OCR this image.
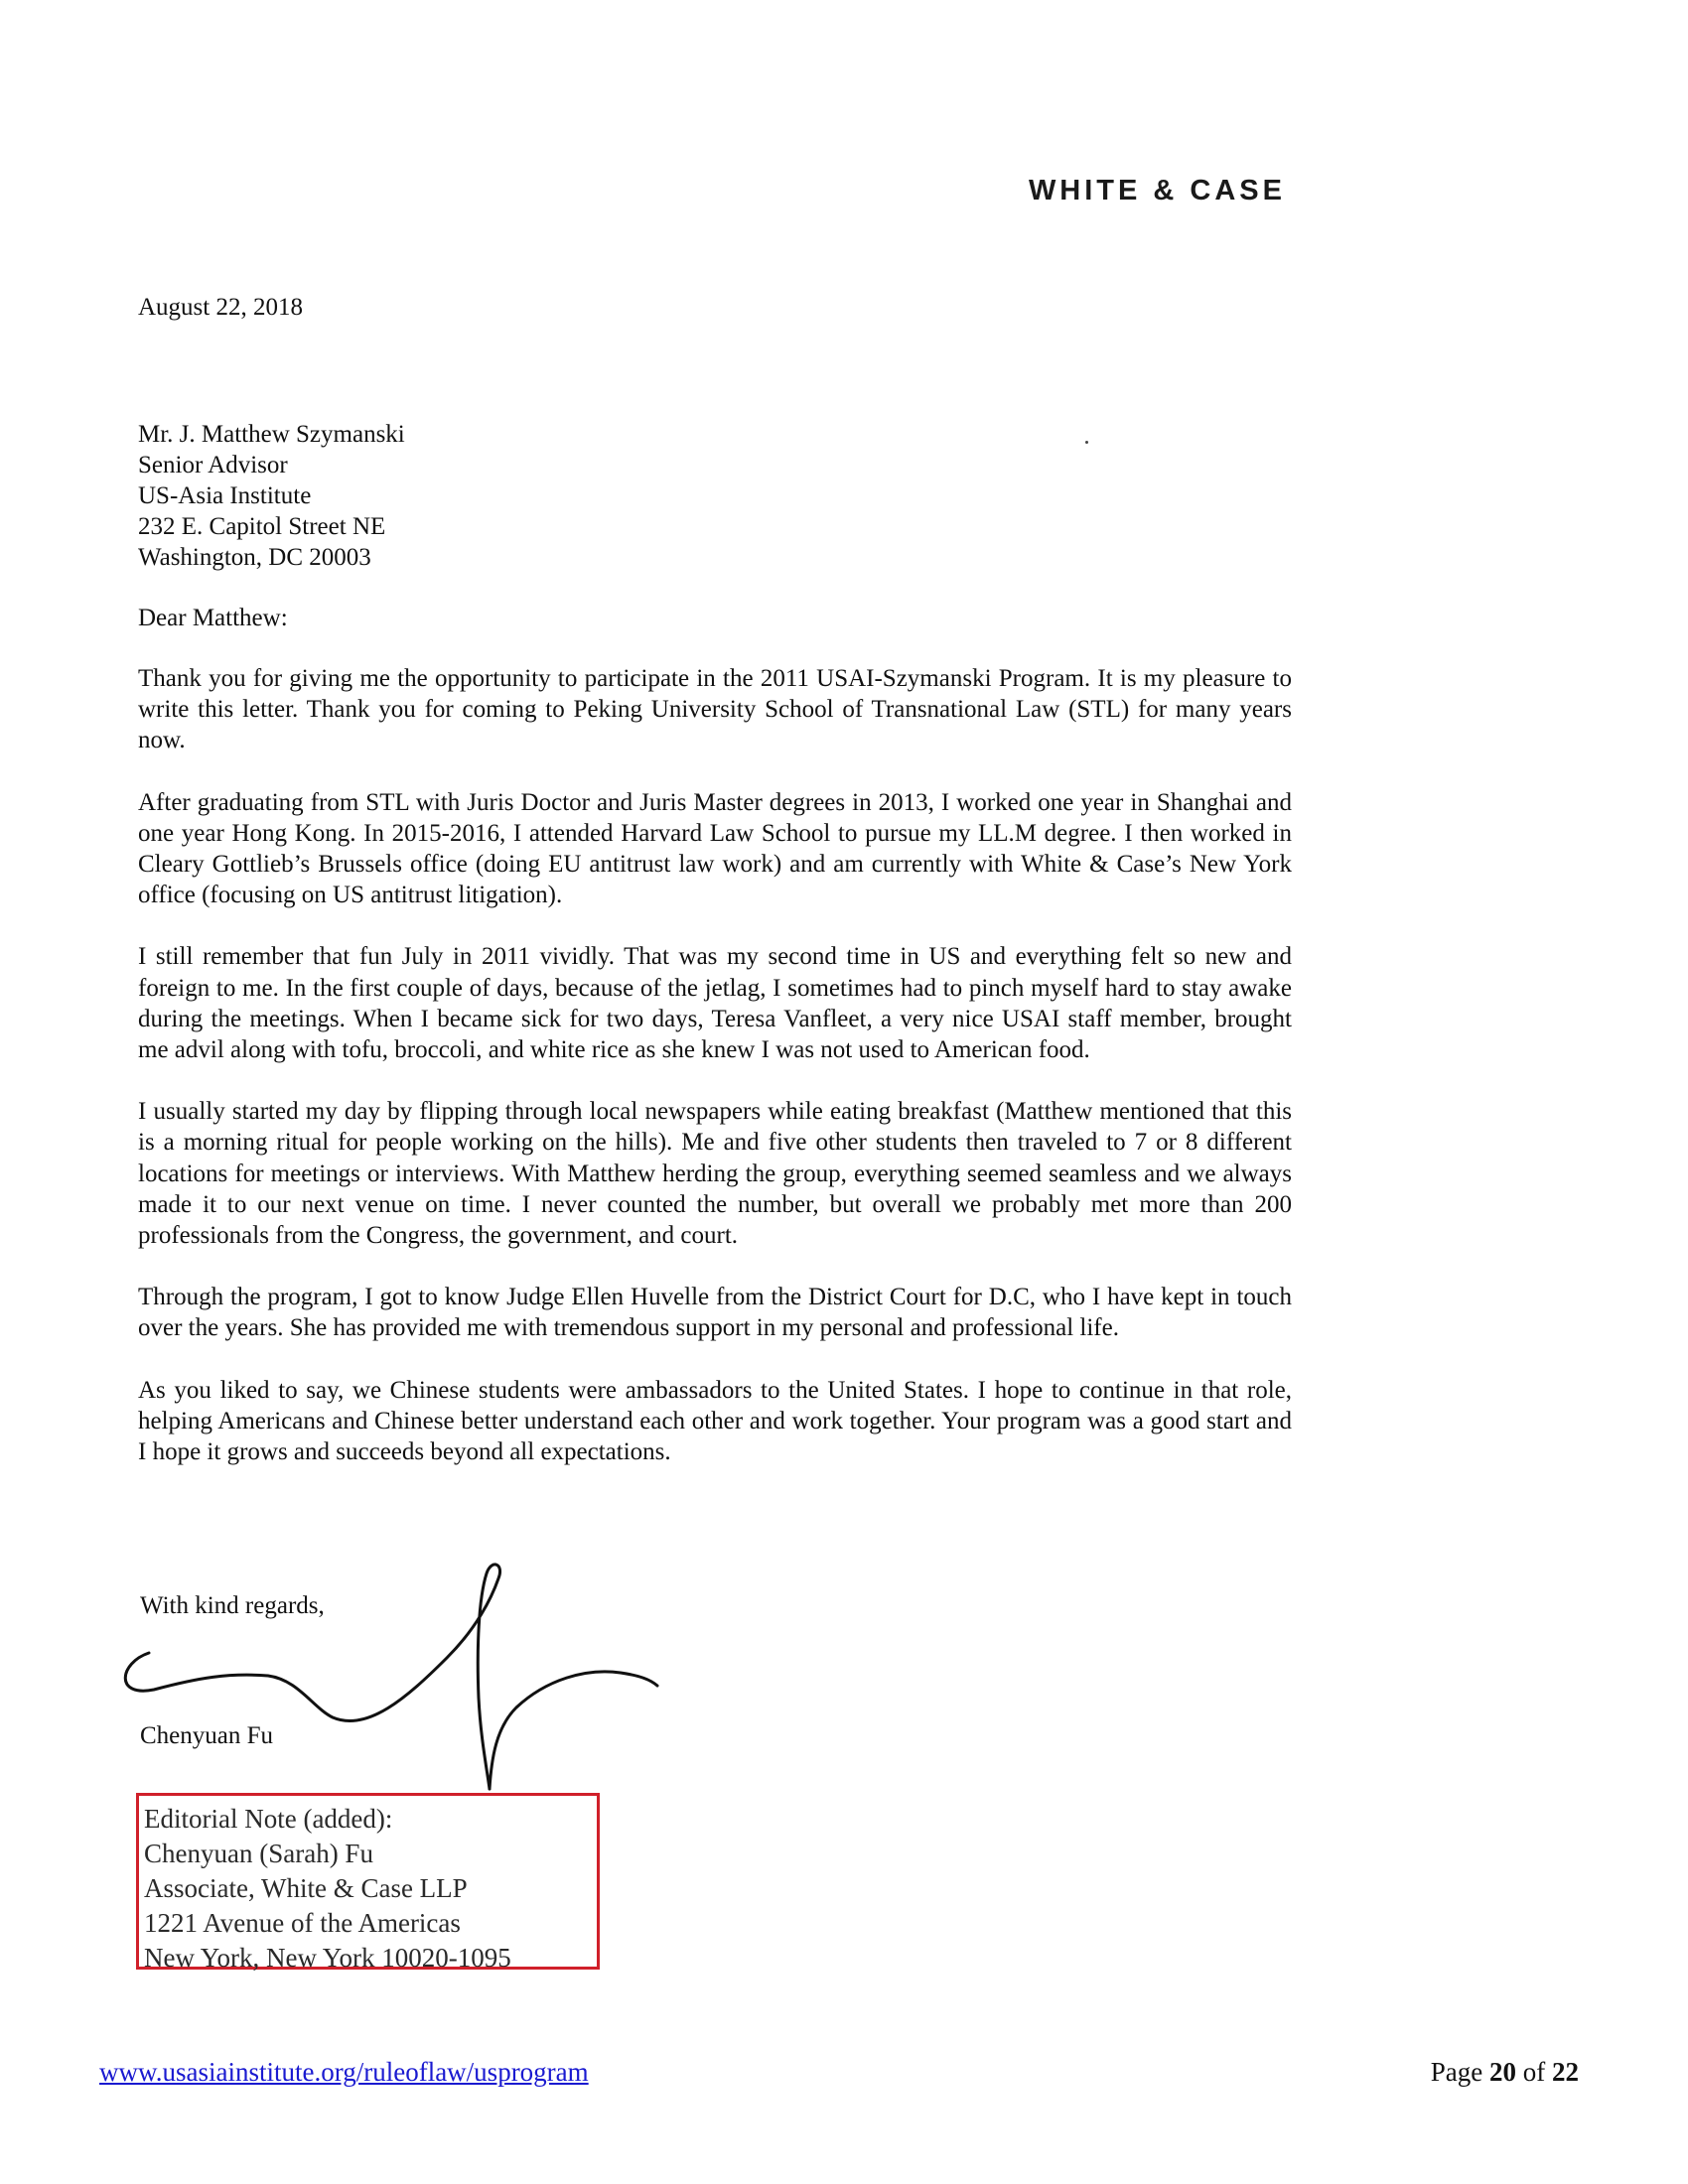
WHITE & CASE
August 22, 2018
Mr. J. Matthew Szymanski
Senior Advisor
US-Asia Institute
232 E. Capitol Street NE
Washington, DC 20003
Dear Matthew:

Thank you for giving me the opportunity to participate in the 2011 USAI-Szymanski Program. It is my pleasure to write this letter. Thank you for coming to Peking University School of Transnational Law (STL) for many years now.

After graduating from STL with Juris Doctor and Juris Master degrees in 2013, I worked one year in Shanghai and one year Hong Kong. In 2015-2016, I attended Harvard Law School to pursue my LL.M degree. I then worked in Cleary Gottlieb’s Brussels office (doing EU antitrust law work) and am currently with White & Case’s New York office (focusing on US antitrust litigation).

I still remember that fun July in 2011 vividly. That was my second time in US and everything felt so new and foreign to me. In the first couple of days, because of the jetlag, I sometimes had to pinch myself hard to stay awake during the meetings. When I became sick for two days, Teresa Vanfleet, a very nice USAI staff member, brought me advil along with tofu, broccoli, and white rice as she knew I was not used to American food.

I usually started my day by flipping through local newspapers while eating breakfast (Matthew mentioned that this is a morning ritual for people working on the hills). Me and five other students then traveled to 7 or 8 different locations for meetings or interviews. With Matthew herding the group, everything seemed seamless and we always made it to our next venue on time. I never counted the number, but overall we probably met more than 200 professionals from the Congress, the government, and court.

Through the program, I got to know Judge Ellen Huvelle from the District Court for D.C, who I have kept in touch over the years. She has provided me with tremendous support in my personal and professional life.

As you liked to say, we Chinese students were ambassadors to the United States. I hope to continue in that role, helping Americans and Chinese better understand each other and work together. Your program was a good start and I hope it grows and succeeds beyond all expectations.

With kind regards,
Chenyuan Fu
Editorial Note (added):
Chenyuan (Sarah) Fu
Associate, White & Case LLP
1221 Avenue of the Americas
New York, New York 10020-1095
www.usasiainstitute.org/ruleoflaw/usprogram	Page 20 of 22
